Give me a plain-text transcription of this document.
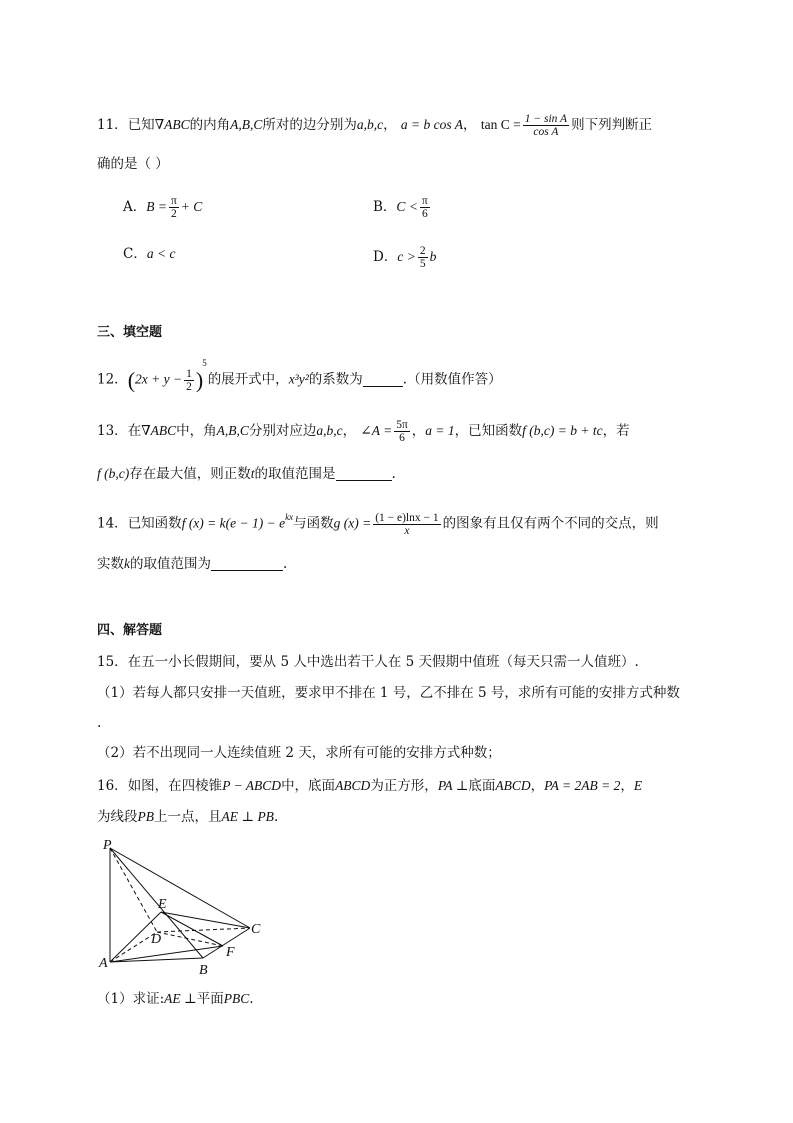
11．已知∇ABC的内角A,B,C所对的边分别为a,b,c， a = b cos A， $\tan C = \frac{\text{1 − sin A}}{\text{cos A}}$ 则下列判断正
确的是（ ）
A．$B = \frac{\pi}{2} + C$	B．$C < \frac{\pi}{6}$
C．a < c	D．$c > \frac{2}{5}$ b
三、填空题
12．$(2x + y - \frac{1}{2} )^5$的展开式中，x³y²的系数为	.（用数值作答）
13．在∇ABC中，角A,B,C分别对应边a,b,c， ∠A = $\frac{5\pi}{6}$ ，a = 1，已知函数f (b,c) = b + tc，若
f (b,c)存在最大值，则正数t的取值范围是	.
14．已知函数f $(x) = k(e - 1) - e^{kx}$与函数g $(x) = \frac{(1 - e)\ln x - 1}{x}$ 的图象有且仅有两个不同的交点，则
实数k的取值范围为	.
四、解答题
15．在五一小长假期间，要从 5 人中选出若干人在 5 天假期中值班（每天只需一人值班）.
（1）若每人都只安排一天值班，要求甲不排在 1 号，乙不排在 5 号，求所有可能的安排方式种数
.
（2）若不出现同一人连续值班 2 天，求所有可能的安排方式种数；
16．如图，在四棱锥P − ABCD中，底面ABCD为正方形，PA ⊥底面ABCD，PA = 2AB = 2，E
为线段PB上一点，且AE ⊥ PB.
P
E
C
D
F
A	B
（1）求证:AE ⊥平面PBC.
